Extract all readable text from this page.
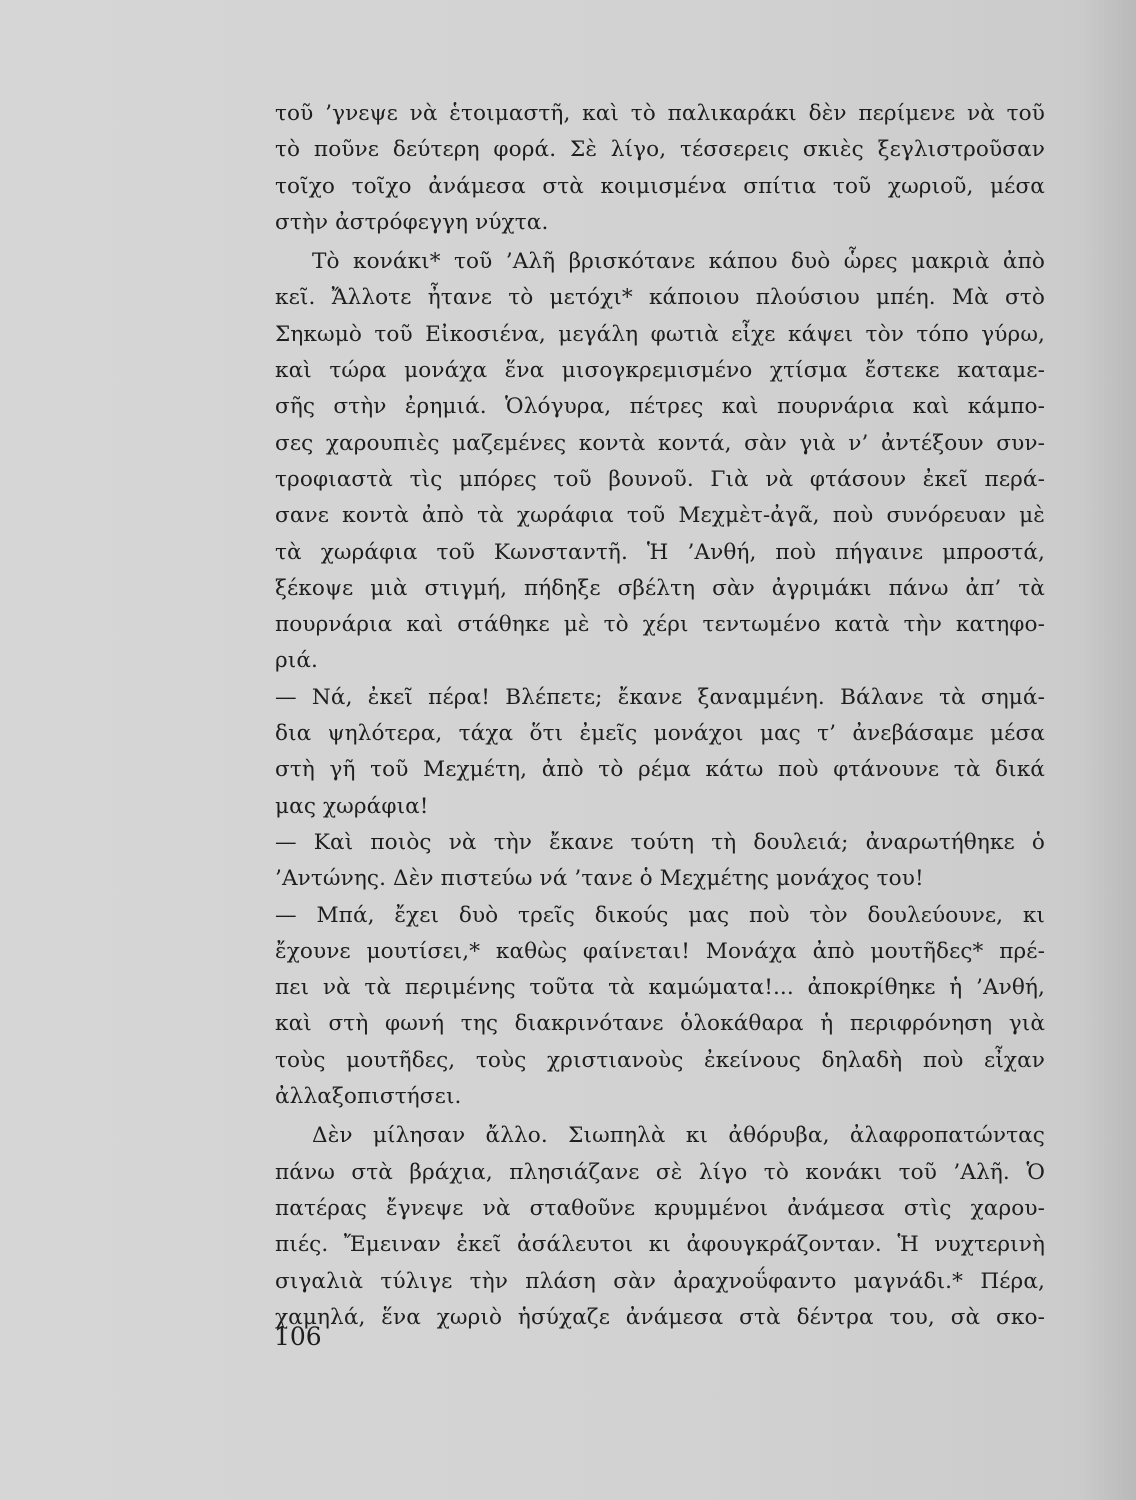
τοῦ ’γνεψε νὰ ἑτοιμαστῆ, καὶ τὸ παλικαράκι δὲν περίμενε νὰ τοῦ
τὸ ποῦνε δεύτερη φορά. Σὲ λίγο, τέσσερεις σκιὲς ξεγλιστροῦσαν
τοῖχο τοῖχο ἀνάμεσα στὰ κοιμισμένα σπίτια τοῦ χωριοῦ, μέσα
στὴν ἀστρόφεγγη νύχτα.
Τὸ κονάκι* τοῦ ’Αλῆ βρισκότανε κάπου δυὸ ὧρες μακριὰ ἀπὸ
κεῖ. Ἄλλοτε ἦτανε τὸ μετόχι* κάποιου πλούσιου μπέη. Μὰ στὸ
Σηκωμὸ τοῦ Εἰκοσιένα, μεγάλη φωτιὰ εἶχε κάψει τὸν τόπο γύρω,
καὶ τώρα μονάχα ἕνα μισογκρεμισμένο χτίσμα ἔστεκε καταμε-
σῆς στὴν ἐρημιά. Ὁλόγυρα, πέτρες καὶ πουρνάρια καὶ κάμπο-
σες χαρουπιὲς μαζεμένες κοντὰ κοντά, σὰν γιὰ ν’ ἀντέξουν συν-
τροφιαστὰ τὶς μπόρες τοῦ βουνοῦ. Γιὰ νὰ φτάσουν ἐκεῖ περά-
σανε κοντὰ ἀπὸ τὰ χωράφια τοῦ Μεχμὲτ-ἀγᾶ, ποὺ συνόρευαν μὲ
τὰ χωράφια τοῦ Κωνσταντῆ. Ἡ ’Ανθή, ποὺ πήγαινε μπροστά,
ξέκοψε μιὰ στιγμή, πήδηξε σβέλτη σὰν ἀγριμάκι πάνω ἀπ’ τὰ
πουρνάρια καὶ στάθηκε μὲ τὸ χέρι τεντωμένο κατὰ τὴν κατηφο-
ριά.
— Νά, ἐκεῖ πέρα! Βλέπετε; ἔκανε ξαναμμένη. Βάλανε τὰ σημά-
δια ψηλότερα, τάχα ὅτι ἐμεῖς μονάχοι μας τ’ ἀνεβάσαμε μέσα
στὴ γῆ τοῦ Μεχμέτη, ἀπὸ τὸ ρέμα κάτω ποὺ φτάνουνε τὰ δικά
μας χωράφια!
— Καὶ ποιὸς νὰ τὴν ἔκανε τούτη τὴ δουλειά; ἀναρωτήθηκε ὁ
’Αντώνης. Δὲν πιστεύω νά ’τανε ὁ Μεχμέτης μονάχος του!
— Μπά, ἔχει δυὸ τρεῖς δικούς μας ποὺ τὸν δουλεύουνε, κι
ἔχουνε μουτίσει,* καθὼς φαίνεται! Μονάχα ἀπὸ μουτῆδες* πρέ-
πει νὰ τὰ περιμένης τοῦτα τὰ καμώματα!... ἀποκρίθηκε ἡ ’Ανθή,
καὶ στὴ φωνή της διακρινότανε ὁλοκάθαρα ἡ περιφρόνηση γιὰ
τοὺς μουτῆδες, τοὺς χριστιανοὺς ἐκείνους δηλαδὴ ποὺ εἶχαν
ἀλλαξοπιστήσει.
Δὲν μίλησαν ἄλλο. Σιωπηλὰ κι ἀθόρυβα, ἀλαφροπατώντας
πάνω στὰ βράχια, πλησιάζανε σὲ λίγο τὸ κονάκι τοῦ ’Αλῆ. Ὁ
πατέρας ἔγνεψε νὰ σταθοῦνε κρυμμένοι ἀνάμεσα στὶς χαρου-
πιές. Ἔμειναν ἐκεῖ ἀσάλευτοι κι ἀφουγκράζονταν. Ἡ νυχτερινὴ
σιγαλιὰ τύλιγε τὴν πλάση σὰν ἀραχνοΰφαντο μαγνάδι.* Πέρα,
χαμηλά, ἕνα χωριὸ ἡσύχαζε ἀνάμεσα στὰ δέντρα του, σὰ σκο-
106
